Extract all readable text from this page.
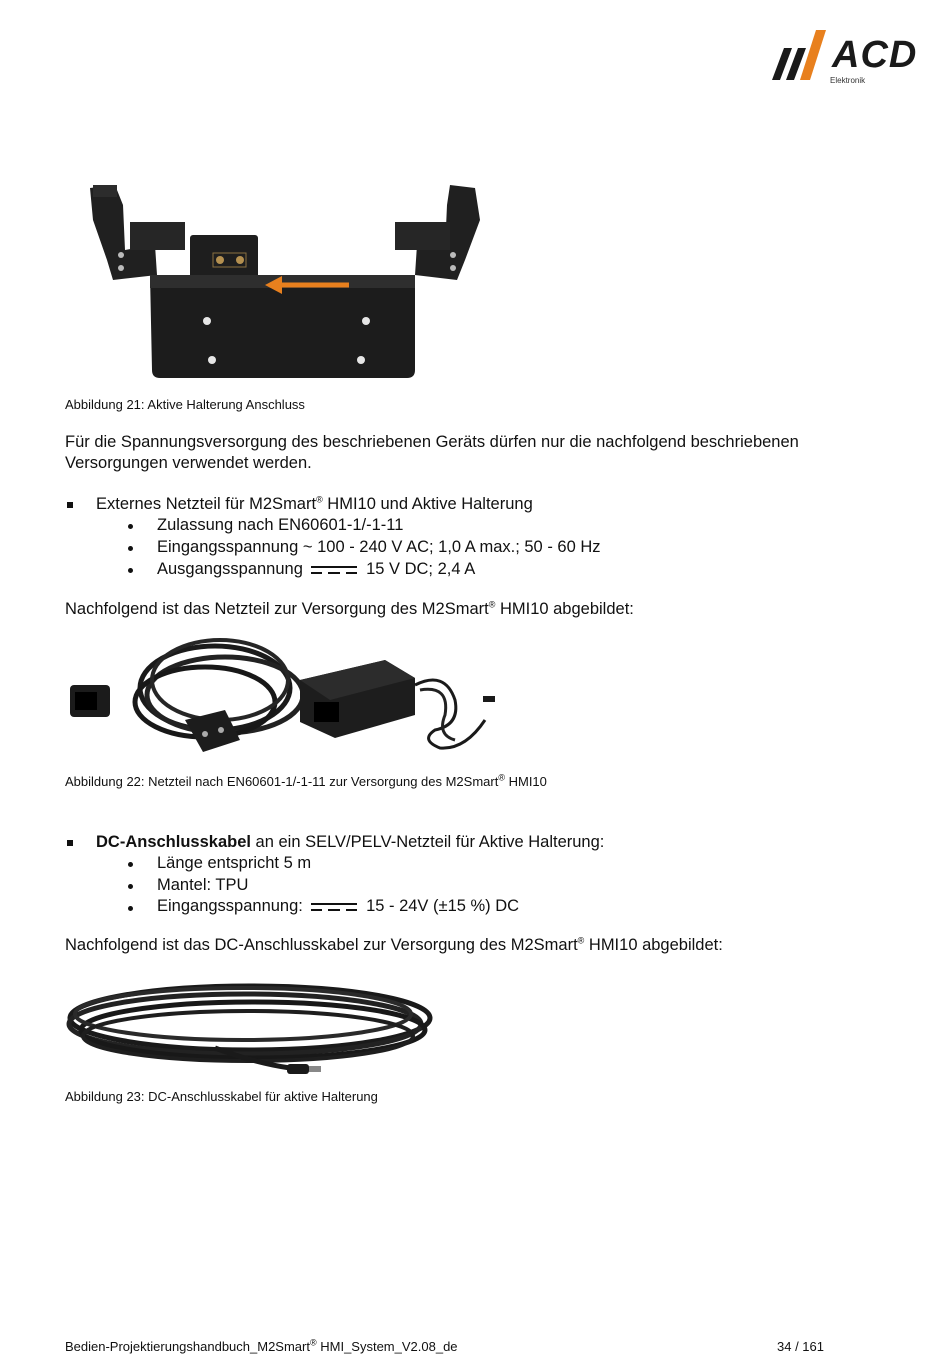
ACD
Elektronik
Abbildung 21: Aktive Halterung Anschluss
Für die Spannungsversorgung des beschriebenen Geräts dürfen nur die nachfolgend beschriebenen
Versorgungen verwendet werden.
Externes Netzteil für M2Smart® HMI10 und Aktive Halterung
Zulassung nach EN60601-1/-1-11
Eingangsspannung ~ 100 - 240 V AC; 1,0 A max.; 50 - 60 Hz
Ausgangsspannung	15 V DC; 2,4 A
Nachfolgend ist das Netzteil zur Versorgung des M2Smart® HMI10 abgebildet:
Abbildung 22: Netzteil nach EN60601-1/-1-11 zur Versorgung des M2Smart® HMI10
DC-Anschlusskabel an ein SELV/PELV-Netzteil für Aktive Halterung:
Länge entspricht 5 m
Mantel: TPU
Eingangsspannung:	15 - 24V (±15 %) DC
Nachfolgend ist das DC-Anschlusskabel zur Versorgung des M2Smart® HMI10 abgebildet:
Abbildung 23: DC-Anschlusskabel für aktive Halterung
Bedien-Projektierungshandbuch_M2Smart® HMI_System_V2.08_de	34 / 161
